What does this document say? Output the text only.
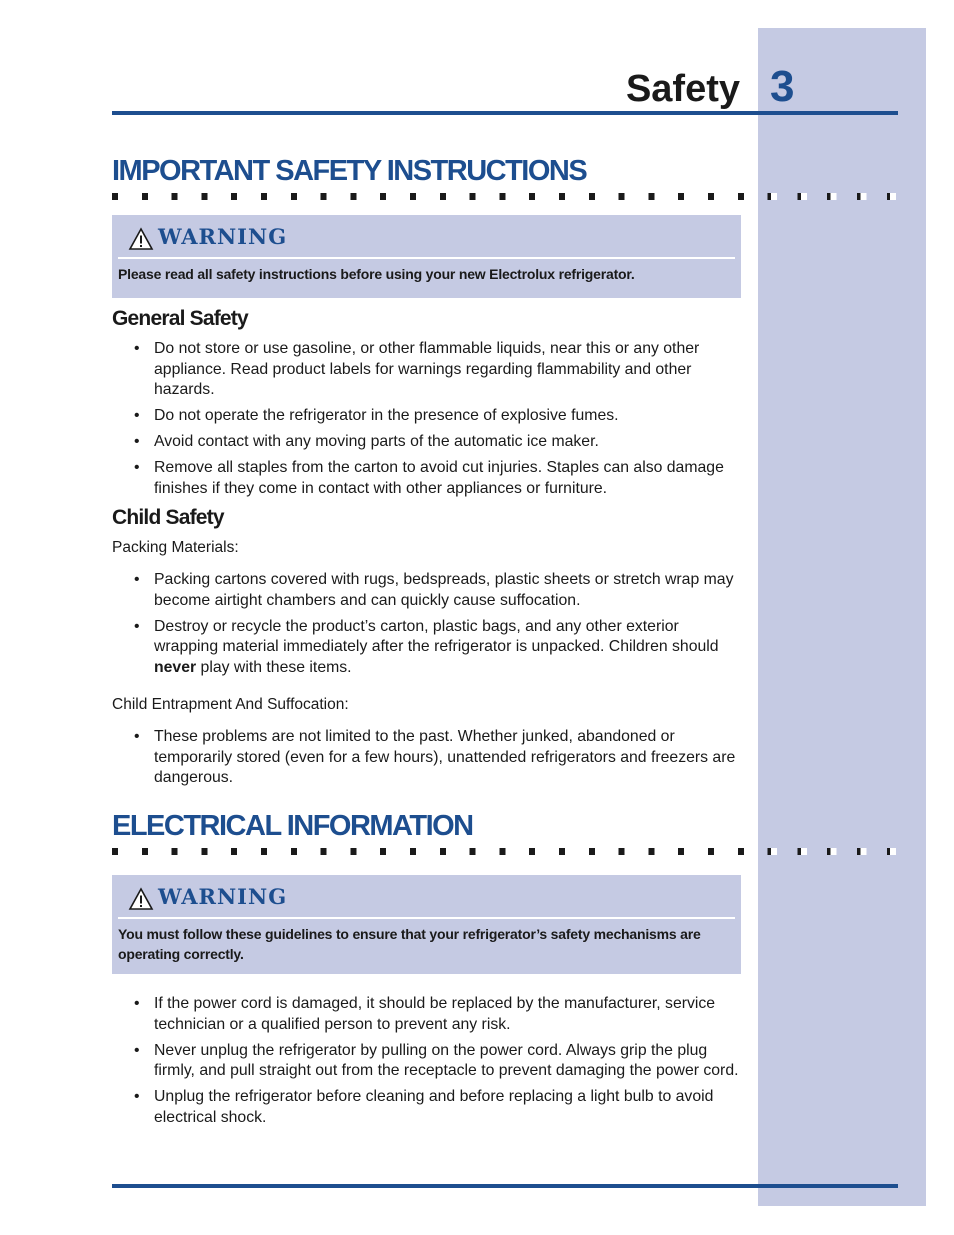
Safety 3
IMPORTANT SAFETY INSTRUCTIONS
WARNING
Please read all safety instructions before using your new Electrolux refrigerator.
General Safety
• Do not store or use gasoline, or other flammable liquids, near this or any other appliance. Read product labels for warnings regarding flammability and other hazards.
• Do not operate the refrigerator in the presence of explosive fumes.
• Avoid contact with any moving parts of the automatic ice maker.
• Remove all staples from the carton to avoid cut injuries. Staples can also damage finishes if they come in contact with other appliances or furniture.
Child Safety
Packing Materials:
• Packing cartons covered with rugs, bedspreads, plastic sheets or stretch wrap may become airtight chambers and can quickly cause suffocation.
• Destroy or recycle the product’s carton, plastic bags, and any other exterior wrapping material immediately after the refrigerator is unpacked. Children should never play with these items.
Child Entrapment And Suffocation:
• These problems are not limited to the past. Whether junked, abandoned or temporarily stored (even for a few hours), unattended refrigerators and freezers are dangerous.
ELECTRICAL INFORMATION
WARNING
You must follow these guidelines to ensure that your refrigerator’s safety mechanisms are operating correctly.
• If the power cord is damaged, it should be replaced by the manufacturer, service technician or a qualified person to prevent any risk.
• Never unplug the refrigerator by pulling on the power cord. Always grip the plug firmly, and pull straight out from the receptacle to prevent damaging the power cord.
• Unplug the refrigerator before cleaning and before replacing a light bulb to avoid electrical shock.
